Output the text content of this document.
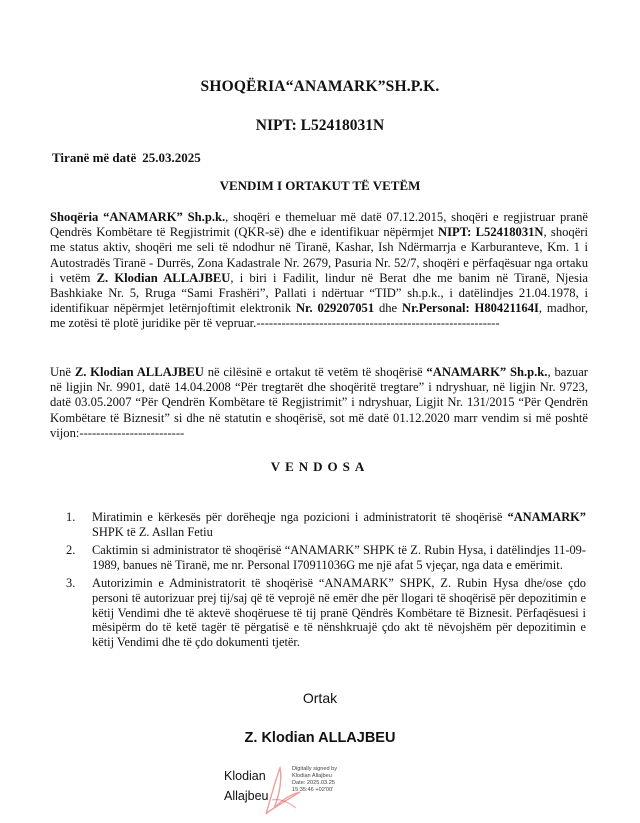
SHOQËRIA“ANAMARK”SH.P.K.
NIPT: L52418031N
Tiranë më datë 25.03.2025
VENDIM I ORTAKUT TË VETËM
Shoqëria “ANAMARK” Sh.p.k., shoqëri e themeluar më datë 07.12.2015, shoqëri e regjistruar pranë Qendrës Kombëtare të Regjistrimit (QKR-së) dhe e identifikuar nëpërmjet NIPT: L52418031N, shoqëri me status aktiv, shoqëri me seli të ndodhur në Tiranë, Kashar, Ish Ndërmarrja e Karburanteve, Km. 1 i Autostradës Tiranë - Durrës, Zona Kadastrale Nr. 2679, Pasuria Nr. 52/7, shoqëri e përfaqësuar nga ortaku i vetëm Z. Klodian ALLAJBEU, i biri i Fadilit, lindur në Berat dhe me banim në Tiranë, Njesia Bashkiake Nr. 5, Rruga “Sami Frashëri”, Pallati i ndërtuar “TID” sh.p.k., i datëlindjes 21.04.1978, i identifikuar nëpërmjet letërnjoftimit elektronik Nr. 029207051 dhe Nr.Personal: H80421164I, madhor, me zotësi të plotë juridike për të vepruar.----------------------------------------------------------
Unë Z. Klodian ALLAJBEU në cilësinë e ortakut të vetëm të shoqërisë “ANAMARK” Sh.p.k., bazuar në ligjin Nr. 9901, datë 14.04.2008 “Për tregtarët dhe shoqëritë tregtare” i ndryshuar, në ligjin Nr. 9723, datë 03.05.2007 “Për Qendrën Kombëtare të Regjistrimit” i ndryshuar, Ligjit Nr. 131/2015 “Për Qendrën Kombëtare të Biznesit” si dhe në statutin e shoqërisë, sot më datë 01.12.2020 marr vendim si më poshtë vijon:-------------------------
VENDOSA
1. Miratimin e kërkesës për dorëheqje nga pozicioni i administratorit të shoqërisë “ANAMARK” SHPK të Z. Asllan Fetiu
2. Caktimin si administrator të shoqërisë “ANAMARK” SHPK të Z. Rubin Hysa, i datëlindjes 11-09-1989, banues në Tiranë, me nr. Personal I70911036G me një afat 5 vjeçar, nga data e emërimit.
3. Autorizimin e Administratorit të shoqërisë “ANAMARK” SHPK, Z. Rubin Hysa dhe/ose çdo personi të autorizuar prej tij/saj që të veprojë në emër dhe për llogari të shoqërisë për depozitimin e këtij Vendimi dhe të aktevë shoqëruese të tij pranë Qëndrës Kombëtare të Biznesit. Përfaqësuesi i mësipërm do të ketë tagër të përgatisë e të nënshkruajë çdo akt të nëvojshëm për depozitimin e këtij Vendimi dhe të çdo dokumenti tjetër.
Ortak
Z. Klodian ALLAJBEU
Klodian
Allajbeu
Digitally signed by
Klodian Allajbeu
Date: 2025.03.25
15:35:46 +02'00'
